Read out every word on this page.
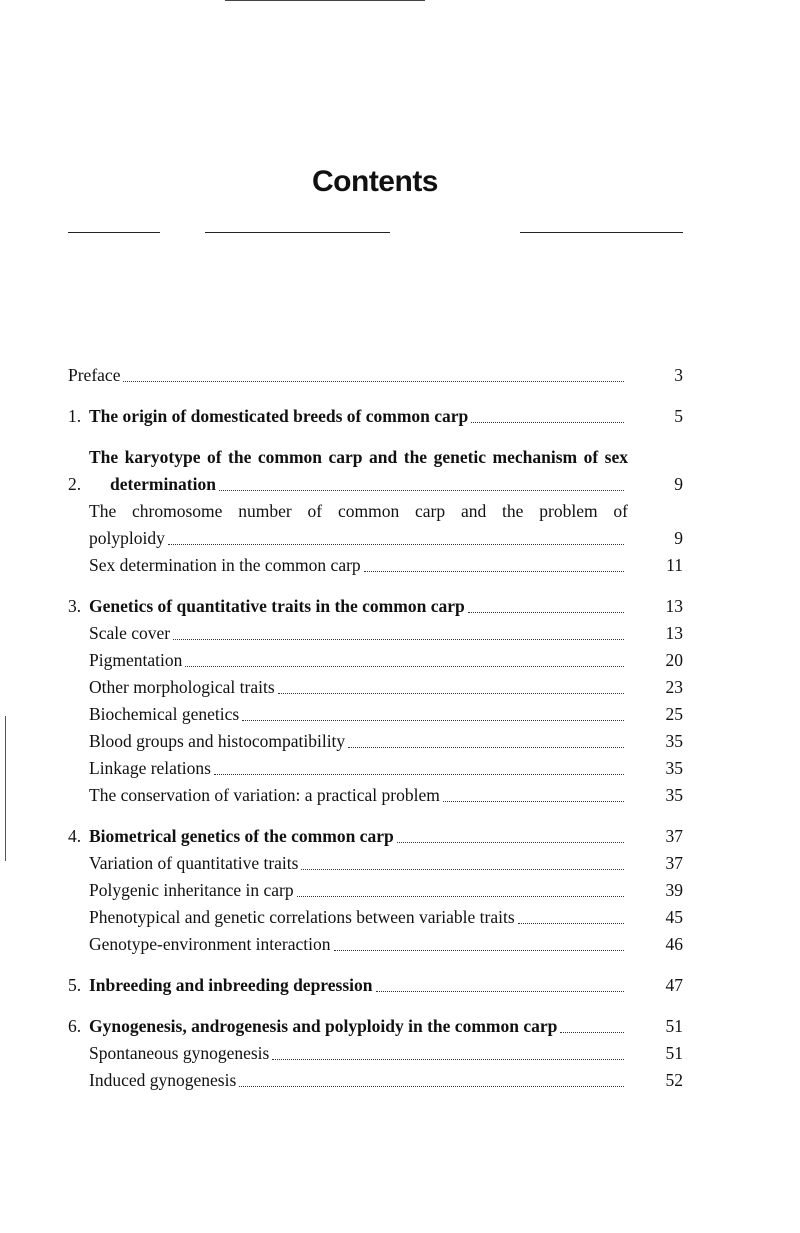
Contents
Preface	3
1. The origin of domesticated breeds of common carp	5
2.
The karyotype of the common carp and the genetic mechanism of sex
determination	9
The chromosome number of common carp and the problem of
polyploidy	9
Sex determination in the common carp	11
3. Genetics of quantitative traits in the common carp	13
Scale cover	13
Pigmentation	20
Other morphological traits	23
Biochemical genetics	25
Blood groups and histocompatibility	35
Linkage relations	35
The conservation of variation: a practical problem	35
4. Biometrical genetics of the common carp	37
Variation of quantitative traits	37
Polygenic inheritance in carp	39
Phenotypical and genetic correlations between variable traits	45
Genotype-environment interaction	46
5. Inbreeding and inbreeding depression	47
6. Gynogenesis, androgenesis and polyploidy in the common carp	51
Spontaneous gynogenesis	51
Induced gynogenesis	52
